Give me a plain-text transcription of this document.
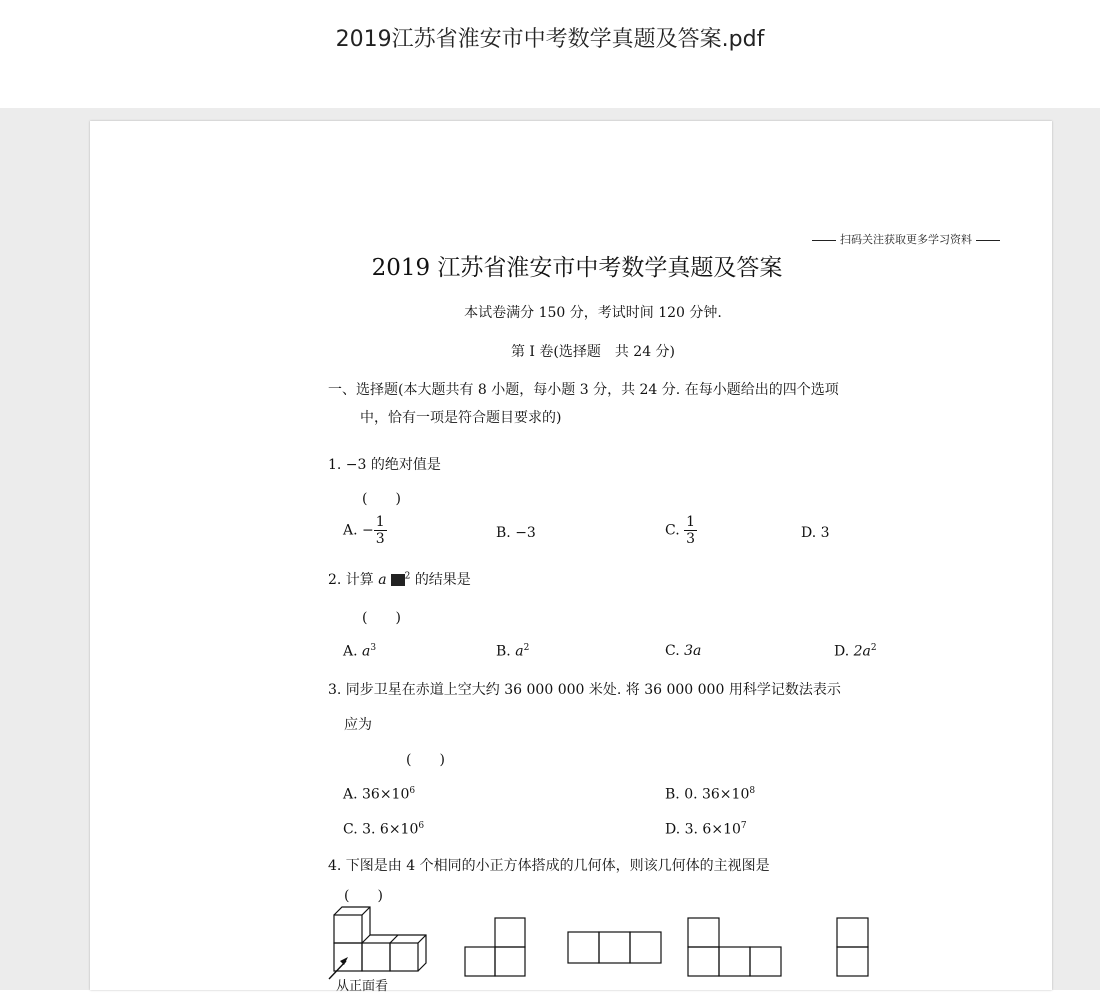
2019江苏省淮安市中考数学真题及答案.pdf
扫码关注获取更多学习资料
2019 江苏省淮安市中考数学真题及答案
本试卷满分 150 分，考试时间 120 分钟.
第 I 卷(选择题　共 24 分)
一、选择题(本大题共有 8 小题，每小题 3 分，共 24 分. 在每小题给出的四个选项
中，恰有一项是符合题目要求的)
1. −3 的绝对值是
(　　)
A. − $\frac{1}{3}$	B. −3	C. $\frac{1}{3}$	D. 3
2. 计算 a $^2$ 的结果是
(　　)
A. $a^3$	B. $a^2$	C. 3a	D. $2a^2$
3. 同步卫星在赤道上空大约 36 000 000 米处. 将 36 000 000 用科学记数法表示
应为
(　　)
A. $36\times 10^6$	B. 0. $36\times 10^8$
C. 3. $6\times 10^6$	D. 3. $6\times 10^7$
4. 下图是由 4 个相同的小正方体搭成的几何体，则该几何体的主视图是
(　　)
从正面看
